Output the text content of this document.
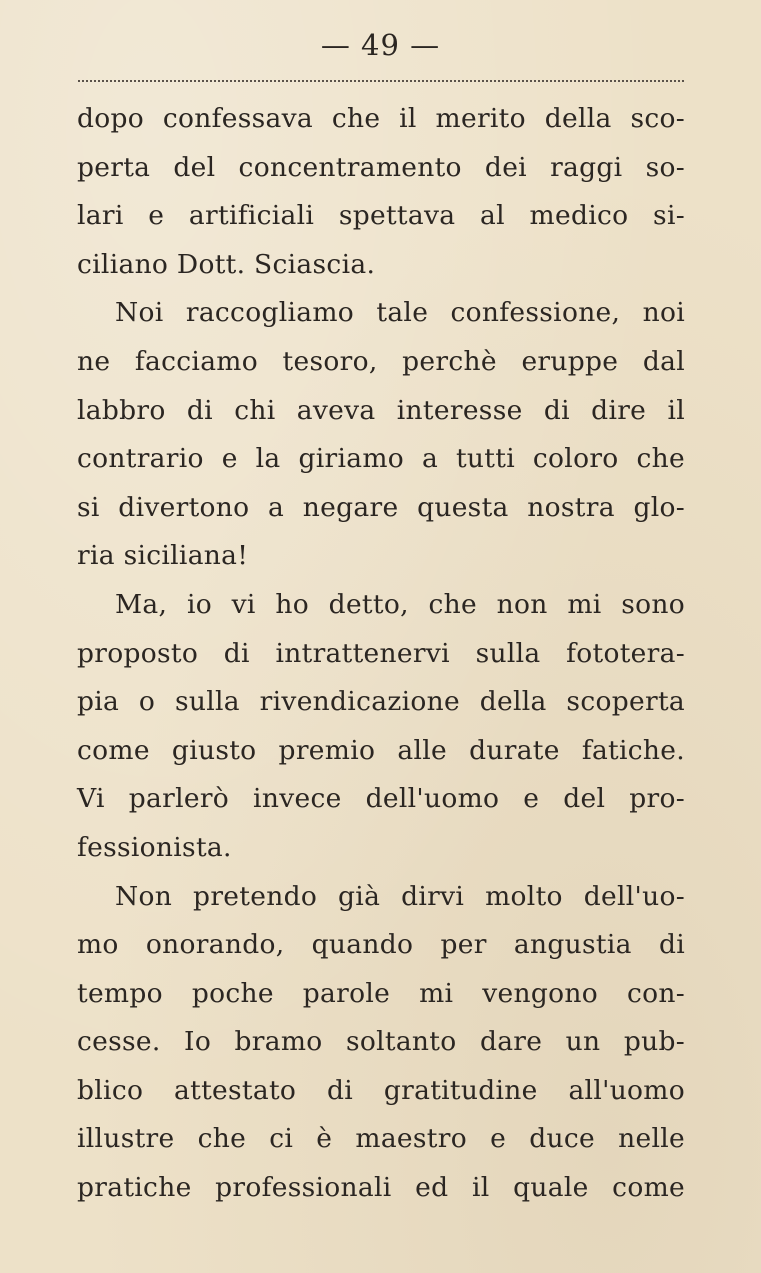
— 49 —
dopo confessava che il merito della sco-
perta del concentramento dei raggi so-
lari e artificiali spettava al medico si-
ciliano Dott. Sciascia.
Noi raccogliamo tale confessione, noi
ne facciamo tesoro, perchè eruppe dal
labbro di chi aveva interesse di dire il
contrario e la giriamo a tutti coloro che
si divertono a negare questa nostra glo-
ria siciliana!
Ma, io vi ho detto, che non mi sono
proposto di intrattenervi sulla fototera-
pia o sulla rivendicazione della scoperta
come giusto premio alle durate fatiche.
Vi parlerò invece dell'uomo e del pro-
fessionista.
Non pretendo già dirvi molto dell'uo-
mo onorando, quando per angustia di
tempo poche parole mi vengono con-
cesse. Io bramo soltanto dare un pub-
blico attestato di gratitudine all'uomo
illustre che ci è maestro e duce nelle
pratiche professionali ed il quale come
